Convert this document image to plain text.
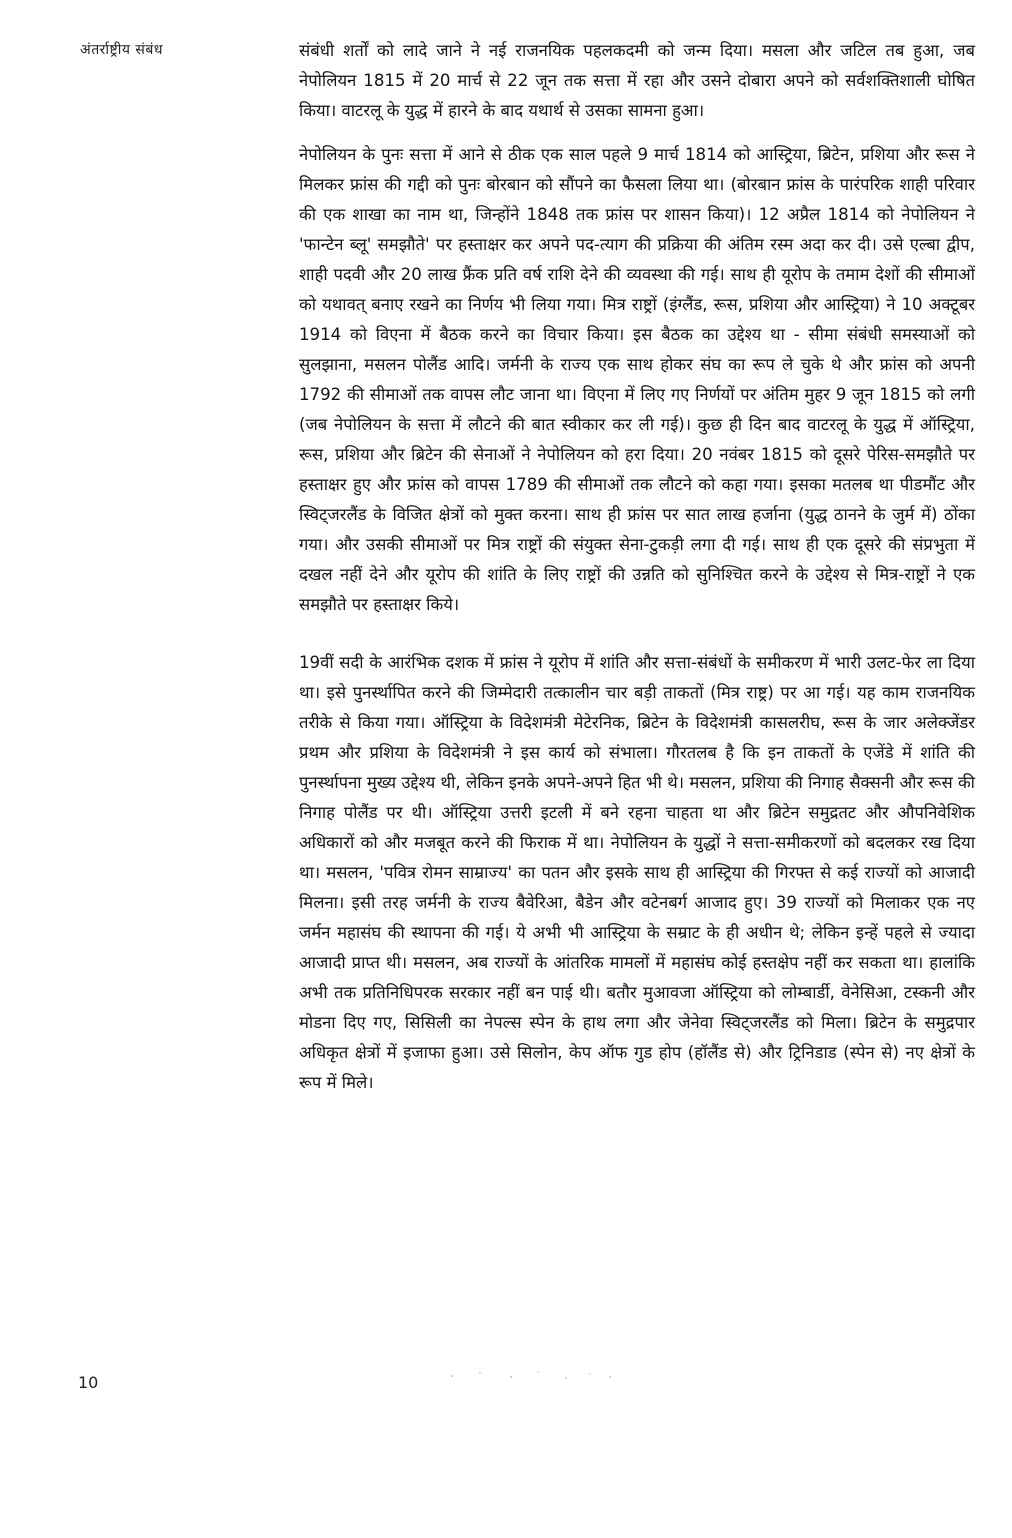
अंतर्राष्ट्रीय संबंध	संबंधी शर्तों को लादे जाने ने नई राजनयिक पहलकदमी को जन्म दिया। मसला और जटिल तब हुआ, जब नेपोलियन 1815 में 20 मार्च से 22 जून तक सत्ता में रहा और उसने दोबारा अपने को सर्वशक्तिशाली घोषित किया। वाटरलू के युद्ध में हारने के बाद यथार्थ से उसका सामना हुआ।

नेपोलियन के पुनः सत्ता में आने से ठीक एक साल पहले 9 मार्च 1814 को आस्ट्रिया, ब्रिटेन, प्रशिया और रूस ने मिलकर फ्रांस की गद्दी को पुनः बोरबान को सौंपने का फैसला लिया था। (बोरबान फ्रांस के पारंपरिक शाही परिवार की एक शाखा का नाम था, जिन्होंने 1848 तक फ्रांस पर शासन किया)। 12 अप्रैल 1814 को नेपोलियन ने 'फान्टेन ब्लू' समझौते' पर हस्ताक्षर कर अपने पद-त्याग की प्रक्रिया की अंतिम रस्म अदा कर दी। उसे एल्बा द्वीप, शाही पदवी और 20 लाख फ्रैंक प्रति वर्ष राशि देने की व्यवस्था की गई। साथ ही यूरोप के तमाम देशों की सीमाओं को यथावत् बनाए रखने का निर्णय भी लिया गया। मित्र राष्ट्रों (इंग्लैंड, रूस, प्रशिया और आस्ट्रिया) ने 10 अक्टूबर 1914 को विएना में बैठक करने का विचार किया। इस बैठक का उद्देश्य था - सीमा संबंधी समस्याओं को सुलझाना, मसलन पोलैंड आदि। जर्मनी के राज्य एक साथ होकर संघ का रूप ले चुके थे और फ्रांस को अपनी 1792 की सीमाओं तक वापस लौट जाना था। विएना में लिए गए निर्णयों पर अंतिम मुहर 9 जून 1815 को लगी (जब नेपोलियन के सत्ता में लौटने की बात स्वीकार कर ली गई)। कुछ ही दिन बाद वाटरलू के युद्ध में ऑस्ट्रिया, रूस, प्रशिया और ब्रिटेन की सेनाओं ने नेपोलियन को हरा दिया। 20 नवंबर 1815 को दूसरे पेरिस-समझौते पर हस्ताक्षर हुए और फ्रांस को वापस 1789 की सीमाओं तक लौटने को कहा गया। इसका मतलब था पीडमौंट और स्विट्जरलैंड के विजित क्षेत्रों को मुक्त करना। साथ ही फ्रांस पर सात लाख हर्जाना (युद्ध ठानने के जुर्म में) ठोंका गया। और उसकी सीमाओं पर मित्र राष्ट्रों की संयुक्त सेना-टुकड़ी लगा दी गई। साथ ही एक दूसरे की संप्रभुता में दखल नहीं देने और यूरोप की शांति के लिए राष्ट्रों की उन्नति को सुनिश्चित करने के उद्देश्य से मित्र-राष्ट्रों ने एक समझौते पर हस्ताक्षर किये।

19वीं सदी के आरंभिक दशक में फ्रांस ने यूरोप में शांति और सत्ता-संबंधों के समीकरण में भारी उलट-फेर ला दिया था। इसे पुनर्स्थापित करने की जिम्मेदारी तत्कालीन चार बड़ी ताकतों (मित्र राष्ट्र) पर आ गई। यह काम राजनयिक तरीके से किया गया। ऑस्ट्रिया के विदेशमंत्री मेटेरनिक, ब्रिटेन के विदेशमंत्री कासलरीघ, रूस के जार अलेक्जेंडर प्रथम और प्रशिया के विदेशमंत्री ने इस कार्य को संभाला। गौरतलब है कि इन ताकतों के एजेंडे में शांति की पुनर्स्थापना मुख्य उद्देश्य थी, लेकिन इनके अपने-अपने हित भी थे। मसलन, प्रशिया की निगाह सैक्सनी और रूस की निगाह पोलैंड पर थी। ऑस्ट्रिया उत्तरी इटली में बने रहना चाहता था और ब्रिटेन समुद्रतट और औपनिवेशिक अधिकारों को और मजबूत करने की फिराक में था। नेपोलियन के युद्धों ने सत्ता-समीकरणों को बदलकर रख दिया था। मसलन, 'पवित्र रोमन साम्राज्य' का पतन और इसके साथ ही आस्ट्रिया की गिरफ्त से कई राज्यों को आजादी मिलना। इसी तरह जर्मनी के राज्य बैवेरिआ, बैडेन और वटेनबर्ग आजाद हुए। 39 राज्यों को मिलाकर एक नए जर्मन महासंघ की स्थापना की गई। ये अभी भी आस्ट्रिया के सम्राट के ही अधीन थे; लेकिन इन्हें पहले से ज्यादा आजादी प्राप्त थी। मसलन, अब राज्यों के आंतरिक मामलों में महासंघ कोई हस्तक्षेप नहीं कर सकता था। हालांकि अभी तक प्रतिनिधिपरक सरकार नहीं बन पाई थी। बतौर मुआवजा ऑस्ट्रिया को लोम्बार्डी, वेनेसिआ, टस्कनी और मोडना दिए गए, सिसिली का नेपल्स स्पेन के हाथ लगा और जेनेवा स्विट्जरलैंड को मिला। ब्रिटेन के समुद्रपार अधिकृत क्षेत्रों में इजाफा हुआ। उसे सिलोन, केप ऑफ गुड होप (हॉलैंड से) और ट्रिनिडाड (स्पेन से) नए क्षेत्रों के रूप में मिले।

10
